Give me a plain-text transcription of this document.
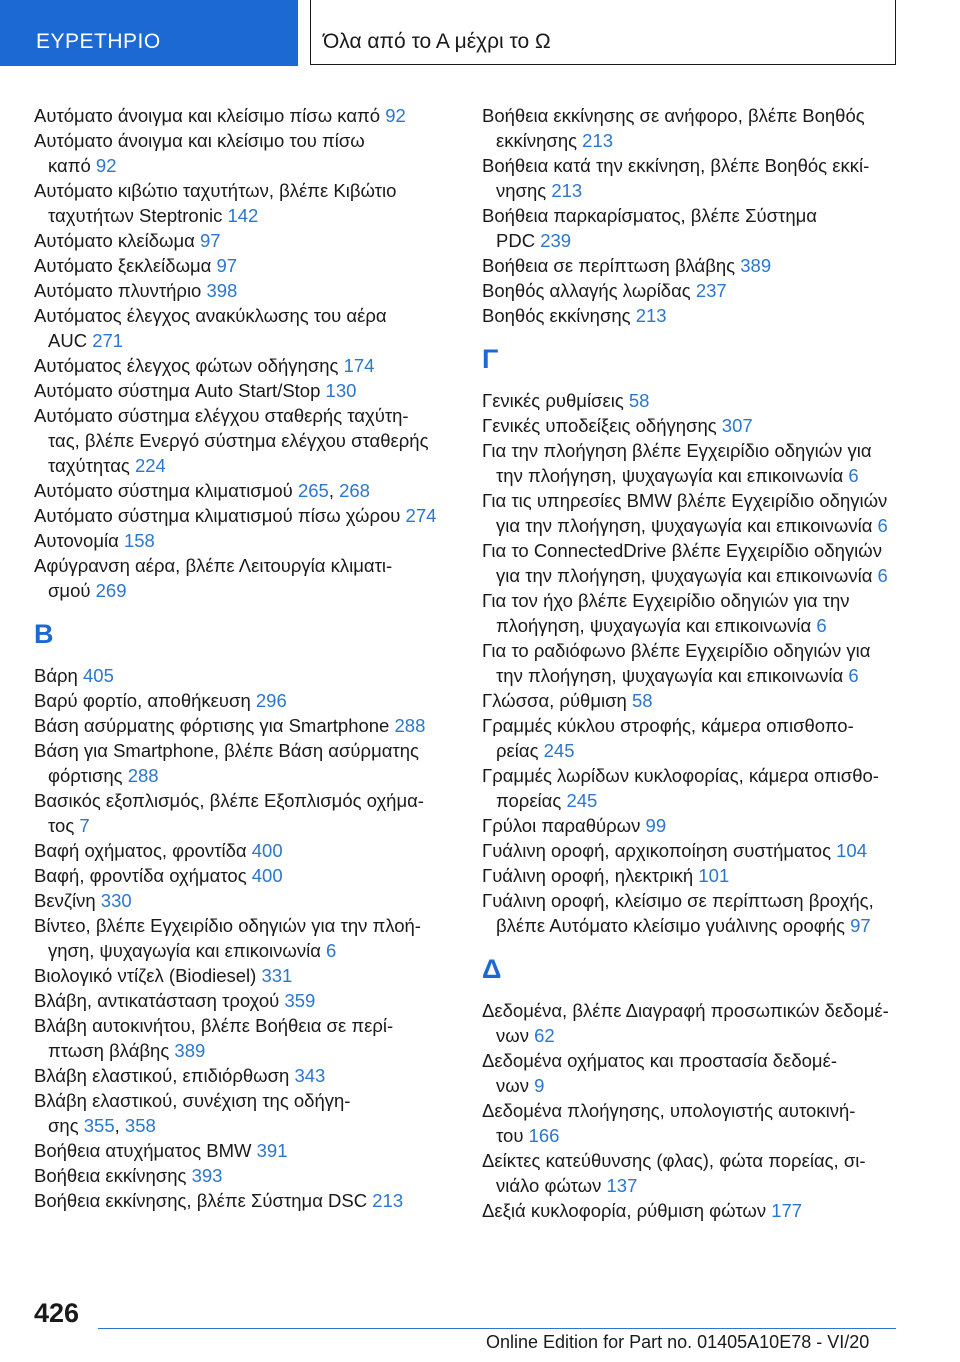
ΕΥΡΕΤΗΡΙΟ	Όλα από το Α μέχρι το Ω
Αυτόματο άνοιγμα και κλείσιμο πίσω καπό 92
Αυτόματο άνοιγμα και κλείσιμο του πίσω
καπό 92
Αυτόματο κιβώτιο ταχυτήτων, βλέπε Κιβώτιο
ταχυτήτων Steptronic 142
Αυτόματο κλείδωμα 97
Αυτόματο ξεκλείδωμα 97
Αυτόματο πλυντήριο 398
Αυτόματος έλεγχος ανακύκλωσης του αέρα
AUC 271
Αυτόματος έλεγχος φώτων οδήγησης 174
Αυτόματο σύστημα Auto Start/Stop 130
Αυτόματο σύστημα ελέγχου σταθερής ταχύτη-
τας, βλέπε Ενεργό σύστημα ελέγχου σταθερής
ταχύτητας 224
Αυτόματο σύστημα κλιματισμού 265, 268
Αυτόματο σύστημα κλιματισμού πίσω χώρου 274
Αυτονομία 158
Αφύγρανση αέρα, βλέπε Λειτουργία κλιματι-
σμού 269
Β
Βάρη 405
Βαρύ φορτίο, αποθήκευση 296
Βάση ασύρματης φόρτισης για Smartphone 288
Βάση για Smartphone, βλέπε Βάση ασύρματης
φόρτισης 288
Βασικός εξοπλισμός, βλέπε Εξοπλισμός οχήμα-
τος 7
Βαφή οχήματος, φροντίδα 400
Βαφή, φροντίδα οχήματος 400
Βενζίνη 330
Βίντεο, βλέπε Εγχειρίδιο οδηγιών για την πλοή-
γηση, ψυχαγωγία και επικοινωνία 6
Βιολογικό ντίζελ (Biodiesel) 331
Βλάβη, αντικατάσταση τροχού 359
Βλάβη αυτοκινήτου, βλέπε Βοήθεια σε περί-
πτωση βλάβης 389
Βλάβη ελαστικού, επιδιόρθωση 343
Βλάβη ελαστικού, συνέχιση της οδήγη-
σης 355, 358
Βοήθεια ατυχήματος BMW 391
Βοήθεια εκκίνησης 393
Βοήθεια εκκίνησης, βλέπε Σύστημα DSC 213
Βοήθεια εκκίνησης σε ανήφορο, βλέπε Βοηθός
εκκίνησης 213
Βοήθεια κατά την εκκίνηση, βλέπε Βοηθός εκκί-
νησης 213
Βοήθεια παρκαρίσματος, βλέπε Σύστημα
PDC 239
Βοήθεια σε περίπτωση βλάβης 389
Βοηθός αλλαγής λωρίδας 237
Βοηθός εκκίνησης 213
Γ
Γενικές ρυθμίσεις 58
Γενικές υποδείξεις οδήγησης 307
Για την πλοήγηση βλέπε Εγχειρίδιο οδηγιών για
την πλοήγηση, ψυχαγωγία και επικοινωνία 6
Για τις υπηρεσίες BMW βλέπε Εγχειρίδιο οδηγιών
για την πλοήγηση, ψυχαγωγία και επικοινωνία 6
Για το ConnectedDrive βλέπε Εγχειρίδιο οδηγιών
για την πλοήγηση, ψυχαγωγία και επικοινωνία 6
Για τον ήχο βλέπε Εγχειρίδιο οδηγιών για την
πλοήγηση, ψυχαγωγία και επικοινωνία 6
Για το ραδιόφωνο βλέπε Εγχειρίδιο οδηγιών για
την πλοήγηση, ψυχαγωγία και επικοινωνία 6
Γλώσσα, ρύθμιση 58
Γραμμές κύκλου στροφής, κάμερα οπισθοπο-
ρείας 245
Γραμμές λωρίδων κυκλοφορίας, κάμερα οπισθο-
πορείας 245
Γρύλοι παραθύρων 99
Γυάλινη οροφή, αρχικοποίηση συστήματος 104
Γυάλινη οροφή, ηλεκτρική 101
Γυάλινη οροφή, κλείσιμο σε περίπτωση βροχής,
βλέπε Αυτόματο κλείσιμο γυάλινης οροφής 97
Δ
Δεδομένα, βλέπε Διαγραφή προσωπικών δεδομέ-
νων 62
Δεδομένα οχήματος και προστασία δεδομέ-
νων 9
Δεδομένα πλοήγησης, υπολογιστής αυτοκινή-
του 166
Δείκτες κατεύθυνσης (φλας), φώτα πορείας, σι-
νιάλο φώτων 137
Δεξιά κυκλοφορία, ρύθμιση φώτων 177
426
Online Edition for Part no. 01405A10E78 - VI/20
